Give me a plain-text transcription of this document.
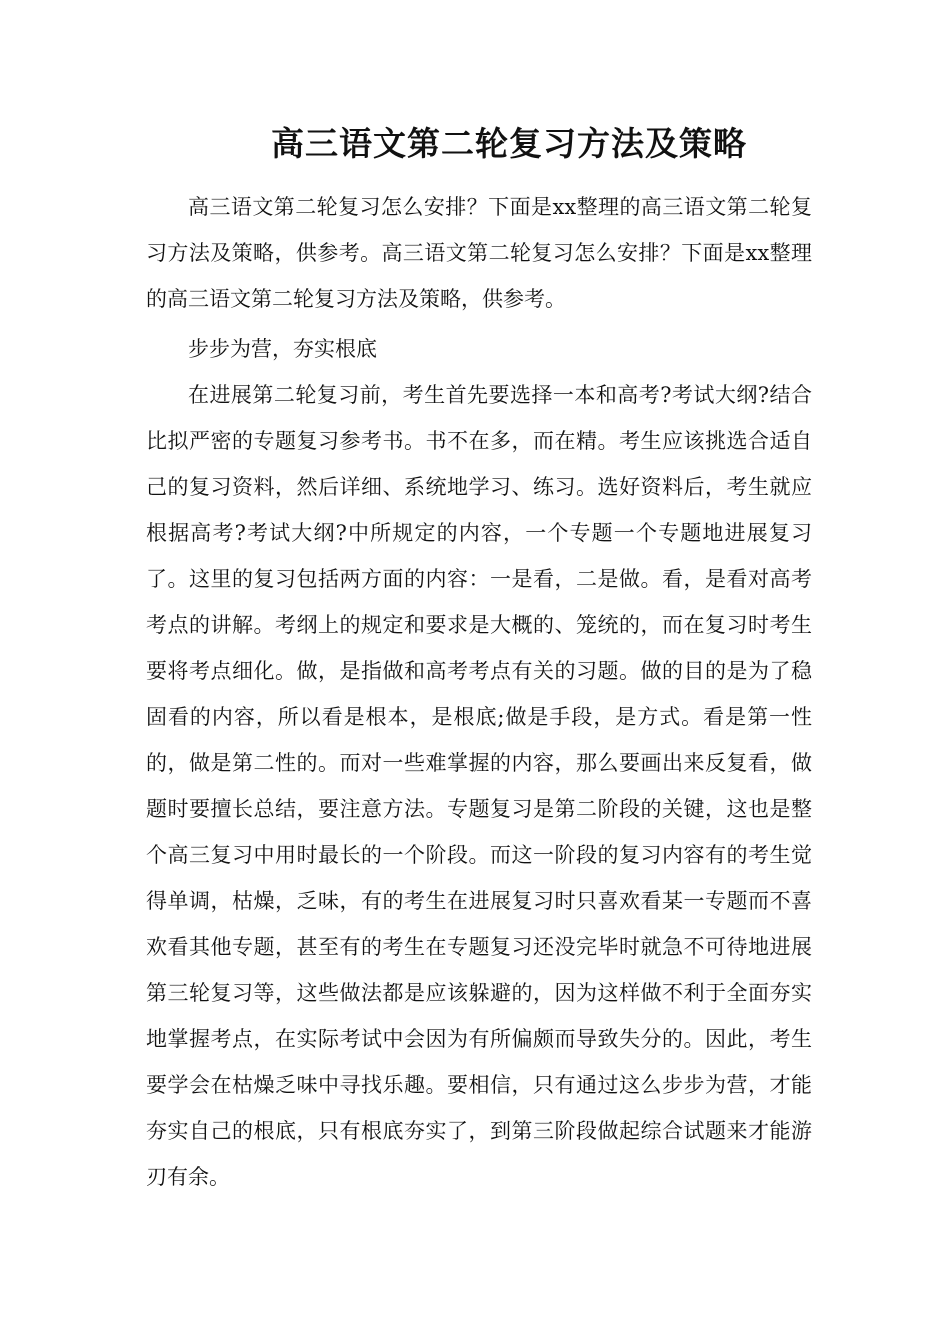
高三语文第二轮复习方法及策略

高三语文第二轮复习怎么安排？下面是xx整理的高三语文第二轮复习方法及策略，供参考。高三语文第二轮复习怎么安排？下面是xx整理的高三语文第二轮复习方法及策略，供参考。

步步为营，夯实根底

在进展第二轮复习前，考生首先要选择一本和高考?考试大纲?结合比拟严密的专题复习参考书。书不在多，而在精。考生应该挑选合适自己的复习资料，然后详细、系统地学习、练习。选好资料后，考生就应根据高考?考试大纲?中所规定的内容，一个专题一个专题地进展复习了。这里的复习包括两方面的内容：一是看，二是做。看，是看对高考考点的讲解。考纲上的规定和要求是大概的、笼统的，而在复习时考生要将考点细化。做，是指做和高考考点有关的习题。做的目的是为了稳固看的内容，所以看是根本，是根底;做是手段，是方式。看是第一性的，做是第二性的。而对一些难掌握的内容，那么要画出来反复看，做题时要擅长总结，要注意方法。专题复习是第二阶段的关键，这也是整个高三复习中用时最长的一个阶段。而这一阶段的复习内容有的考生觉得单调，枯燥，乏味，有的考生在进展复习时只喜欢看某一专题而不喜欢看其他专题，甚至有的考生在专题复习还没完毕时就急不可待地进展第三轮复习等，这些做法都是应该躲避的，因为这样做不利于全面夯实地掌握考点，在实际考试中会因为有所偏颇而导致失分的。因此，考生要学会在枯燥乏味中寻找乐趣。要相信，只有通过这么步步为营，才能夯实自己的根底，只有根底夯实了，到第三阶段做起综合试题来才能游刃有余。
